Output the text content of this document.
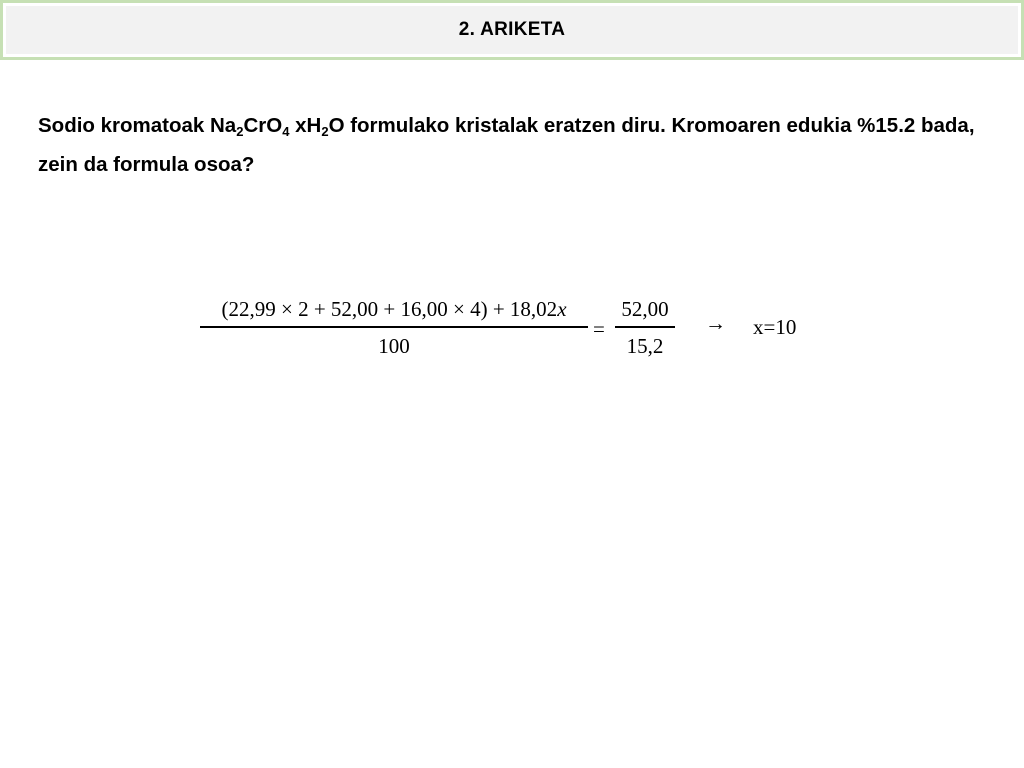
2. ARIKETA
Sodio kromatoak $Na_2CrO_4$ $xH_2O$ formulako kristalak eratzen diru. Kromoaren edukia %15.2 bada, zein da formula osoa?
(22,99 × 2 + 52,00 + 16,00 × 4) + 18,02x
100
=
52,00
15,2
→ x=10
